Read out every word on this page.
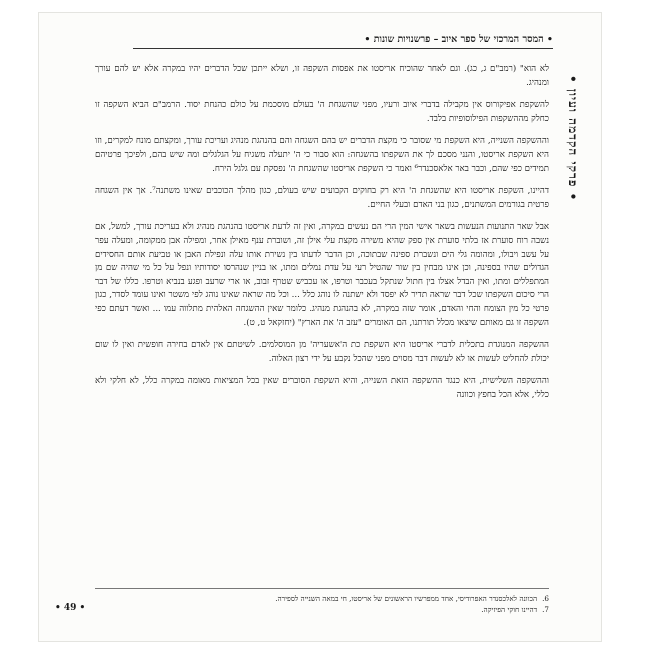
• המסר המרכזי של ספר איוב – פרשנויות שונות •
• פרקי הקדמה ועיון •

לא הוא" (רמב"ם ג, כג). וגם לאחר שהוכיח אריסטו את אפסות השקפה זו, ושלא ייתכן שכל הדברים יהיו במקרה אלא יש להם עורך ומנהיג.

להשקפת אפיקורוס אין מקבילה בדברי איוב ורעיו, מפני שהשגחת ה' בעולם מוסכמת על כולם כהנחת יסוד. הרמב"ם הביא השקפה זו כחלק מההשקפות הפילוסופיות בלבד.

וההשקפה השנייה, היא השקפת מי שסובר כי מקצת הדברים יש בהם השגחה והם בהנהגת מנהיג ועריכת עורך, ומקצתם מונח למקרים, וזו היא השקפת אריסטו, והנני מסכם לך את השקפתו בהשגחה: הוא סבור כי ה' יתעלה משגיח על הגלגלים ומה שיש בהם, ולפיכך פרטיהם תמידים כפי שהם, וכבר באר אלאסכנדר⁶ ואמר כי השקפת אריסטו שהשגחת ה' נפסקת עם גלגל הירח.

דהיינו, השקפת אריסטו היא שהשגחת ה' היא רק בחוקים הקבועים שיש בעולם, כגון מהלך הכוכבים שאינו משתנה⁷. אך אין השגחה פרטית בגורמים המשתנים, כגון בני האדם ובעלי החיים.

אבל שאר התנועות הנעשות בשאר אישי המין הרי הם נעשים במקרה, ואין זה לדעת אריסטו בהנהגת מנהיג ולא בעריכת עורך, למשל, אם נשבה רוח סוערת אז בלתי סוערת אין ספק שהיא משירה מקצת עלי אילן זה, ושוברת ענף מאילן אחר, ומפילה אבן ממקומה, ומעלה עפר על עשב ויבולו, ומהומה גלי הים ונשברת ספינה שבתוכה, וכן הדבר לדעתו בין נשירת אותו עלה ונפילת האבן או טביעת אותם החסידים הגדולים שהיו בספינה, וכן אינו מבחין בין שור שהטיל רעי על עדת נמלים ומתו, או בניין שנהרסו יסודותיו ונפל על כל מי שהיה שם מן המתפללים ומתו, ואין הבדל אצלו בין חתול שנתקל בעכבר וטרפו, או עכביש שטרף זבוב, או ארי שרעב ופגע בנביא וטרפו. כללו של דבר הרי סיכום השקפתו שכל דבר שראה תדיר לא יפסד ולא ישתנה לו נוהג כלל ... וכל מה שראה שאינו נוהג לפי משטר ואינו עומד לסדר, כגון פרטי כל מין הצומח והחי והאדם, אומר שזה במקרה, לא בהנהגת מנהיג. כלומר שאין ההשגחה האלהית מתלווה עמו ... ואשר דעתם כפי השקפה זו גם מאותם שיצאו מכלל תורתנו, הם האומרים "עזב ה' את הארץ" (יחזקאל ט, ט).

ההשקפה המנוגדת בתכלית לדברי אריסטו היא השקפת כת ה'אשעריה' מן המוסלמים. לשיטתם אין לאדם בחירה חופשית ואין לו שום יכולת להחליט לעשות או לא לעשות דבר מסוים מפני שהכל נקבע על ידי רצון האלוה.

וההשקפה השלישית, היא כנגד ההשקפה הזאת השנייה, והיא השקפת הסוברים שאין בכל המציאות מאומה במקרה כלל, לא חלקי ולא כללי, אלא הכל בחפץ וכוונה

6.
הכוונה לאלכסנדר האפרודיסי, אחד ממפרשיו הראשונים של אריסטו, חי במאה השנייה לספירה.
7.
דהיינו חוקי הפיזיקה.
• 49 •
